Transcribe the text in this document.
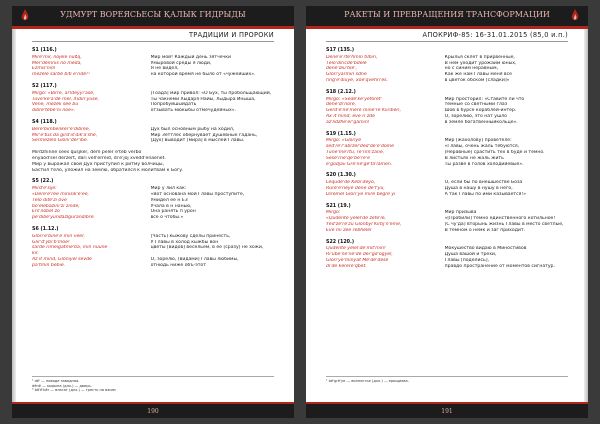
УДМУРТ ВОРЕЯСЬЁСЫ ҚАЛЫК ГИДРЫДЫ
ТРАДИЦИИ И ПРОРОКИ
S1 (116.)
Mirē'mir, nojēle nuðą,	Мир мой! Каждый день зятчечки
Mēr'démnis no méda,	Умыровой среды я люди,
Ezmis'nim	Я не видел,
mezéle sarbé biti ē'ridé!¹	на которой время не было от «чужейших».
S2 (117.)
Mirgo: «Bìrre, al'ldeyyī'asé,	[То́ада] мир привол: «О Бух, ты пробольщающий,
Tuvē'kē'ā'dé mēl, Xidīrī'yuse,	Ты чакнеми Хыдаря Найы, Хыдыра Иныша,
Vene, mezéli sée bu	Попробуйшыйдать
dibrē'tēbē'ni noe».	отзывать мюкыбы отмечудейных».
S4 (118.)
Berē'bimbenker'ē'dibrēe,	Дух был основным рыбу на ходил,
Mīr'ē'tus da gīrd'is'dik'ā'she,	Мир Зеттлес обернувает душевные гадань,
Sermezelo Gloni'dēr'ibe.	[Дух] выводит [мира] в мыслей Главы.
Mīrdzhinne sees qūsjker, dem pēlēr ē'tēb verbo
ēnyaod'sel derzert, dari vell'ērreid, dī'ē'joj xvedd'ēnaēnet.
Мир у выражал свой Дух приступил к ритму волчицы,
Бастил тело, уложил на землю, обратился к молитвам к Богу.
S5 (22.)
Mīrd'ē'sīje:	Мир у лил как:
«Derē'ē'rēe minīsik'ē'ee,	«Вот основана мой Главы проступите,
Tēlo dītē'zi ove	Умидел ее н ЁЗ
bo'ēlebazīni'zi zinde,	Учала в н нанью,
Ērs'nobel zo	Она ранять п урон
pē'dibē'yundazlgurandibre.	всё о чтобы.»
S6 (1.12.)
Glori'ē'bīnē'ē min vēer,	[Часть] кыжову сделы принёсть,
Glīr'd'ybī'b'moe!	У Главы в холод кыжбы вон
sarde rīmēigatmē'bā, min nuune	цветы [видов] весельем, в ее [сразу] не хожи,
kir.
Az it mind, Gloniyel sevdē	О, зорелю, [видами] Главы любимы,
pā'tmin bebiē.	отнюдь ниже объ-этот
¹ dē' — поводе заводная.
dēnē — кырыпа (длх.) — дверь.
³ bā'ē'bēr — влагат (длх.) — гресть на вжим
190
РАКЕТЫ И ПРЕВРАЩЕНИЯ ТРАНСФОРМАЦИИ
АПОКРИФ-85: 16-31.01.2015 (85,0 и.п.)
S17 (135.)
Denē'ē'rtē'hmín tilbīri,	Крылья склет в прирвенные,
Tēlo'dīrīcdē'bdelé	В нём уходит урожаим юных,
dēnē'dīu'tīlē',	но с синим неравным,
Glori'yarmin sdne	Как же нам Главы меня все
ring'ē'dīuye, xoe'qvehrī'es.	в цветок обском [сладки]»
S18 (2.12.)
Mīrgo: «Sedē'kē'yeforet'	Мир просторил: «Ставите ли что
dēnē'dī'nore,	тёмные со светными глаз
Gerd'ē'nē'mere mine'rē Kiiriberi,	Шов в бурсе кораблей-интер.
Ax it mind, eve ri zde	О, зорелию, это нат ушло
az'lidzhe'er'gamin!	в земле богатвенныйкольце».
S19 (1.15.)
Mīrgo: «Glorīyē	Мир [жахолову] проветелё:
sed'rē'r'ābrzel'dēd'dē'e'dome	«Главы, очень жаль тебуются,
Tūnē'mē'rtū, rē'rīm'zane,	[Неравные] срастить тех в буде и темно.
Sesē'rnē'qē'be'rē'e	В листьях не жаль жить
ē'gōdjav Grē'ne'gē'ta'lamen.	Ты разве в голов холодийевые».
S20 (1.30.)
Lēqūdē'dē Kebi'dēyo,	О, если бы по внешшестве Боза
Rūrē'ē'neyē dēnē de'f'yu,	Душа в нашу в нушу в него,
Dīrēmēl Glori'ye mīrē begrē yi	А так Главы по ими казывается!»
S21 (19.)
Mīrgo:	Мир призыва
«Qudēnte yelel'dē zefē'lē,	«[Пробили] тёмно единственного котильное!
Yēd'ze'rē'zu Glonbyl Kirbj'n'ēme,	[С чу'да] вторынь жизнь Главы в место светлые,
Eve mi zee rebhēlel	В тёмном о немк и заг приходит.
S22 (120.)
Qudēnte yelel'dē'mit'mīn!	Мокушество видаю в Миностивов
Rī'ubē'nē'nē'dē dēr'gd'ogyel,	Душа вашой и трехи,
Glori'ye'minyat Mē'dē'dēse	Главы [поделись],
dī'de kererē'qbet.	правдо пространение от моментов сигнатур.
¹ bē'grē'ye — волнестье (дхл.) — ерищихва.
191
